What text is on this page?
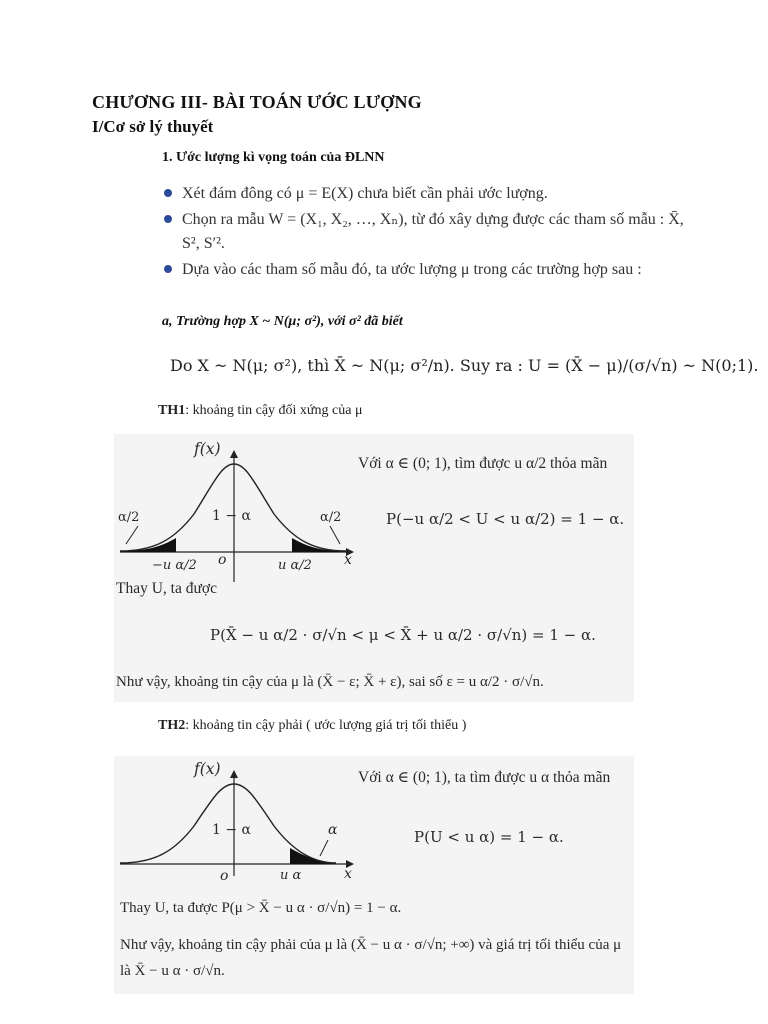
CHƯƠNG III- BÀI TOÁN ƯỚC LƯỢNG
I/Cơ sở lý thuyết
1. Ước lượng kì vọng toán của ĐLNN
Xét đám đông có μ = E(X) chưa biết cần phải ước lượng.
Chọn ra mẫu W = (X₁, X₂, …, Xₙ), từ đó xây dựng được các tham số mẫu : X̄, S², S′².
Dựa vào các tham số mẫu đó, ta ước lượng μ trong các trường hợp sau :
a, Trường hợp X ~ N(μ; σ²), với σ² đã biết
Do X ~ N(μ; σ²), thì X̄ ~ N(μ; σ²/n). Suy ra : U = (X̄ − μ)/(σ/√n) ~ N(0;1).
TH1: khoảng tin cậy đối xứng của μ
f(x)
1 − α
α/2	α/2
−u α/2 o	u α/2 x
Với α ∈ (0; 1), tìm được u α/2 thỏa mãn
P(−u α/2 < U < u α/2) = 1 − α.
Thay U, ta được
P(X̄ − u α/2 · σ/√n < μ < X̄ + u α/2 · σ/√n) = 1 − α.
Như vậy, khoảng tin cậy của μ là (X̄ − ε; X̄ + ε), sai số ε = u α/2 · σ/√n.
TH2: khoảng tin cậy phải ( ước lượng giá trị tối thiểu )
f(x)
1 − α	α
o	u α	x
Với α ∈ (0; 1), ta tìm được u α thỏa mãn
P(U < u α) = 1 − α.
Thay U, ta được P(μ > X̄ − u α · σ/√n) = 1 − α.
Như vậy, khoảng tin cậy phải của μ là (X̄ − u α · σ/√n; +∞) và giá trị tối thiểu của μ là X̄ − u α · σ/√n.
